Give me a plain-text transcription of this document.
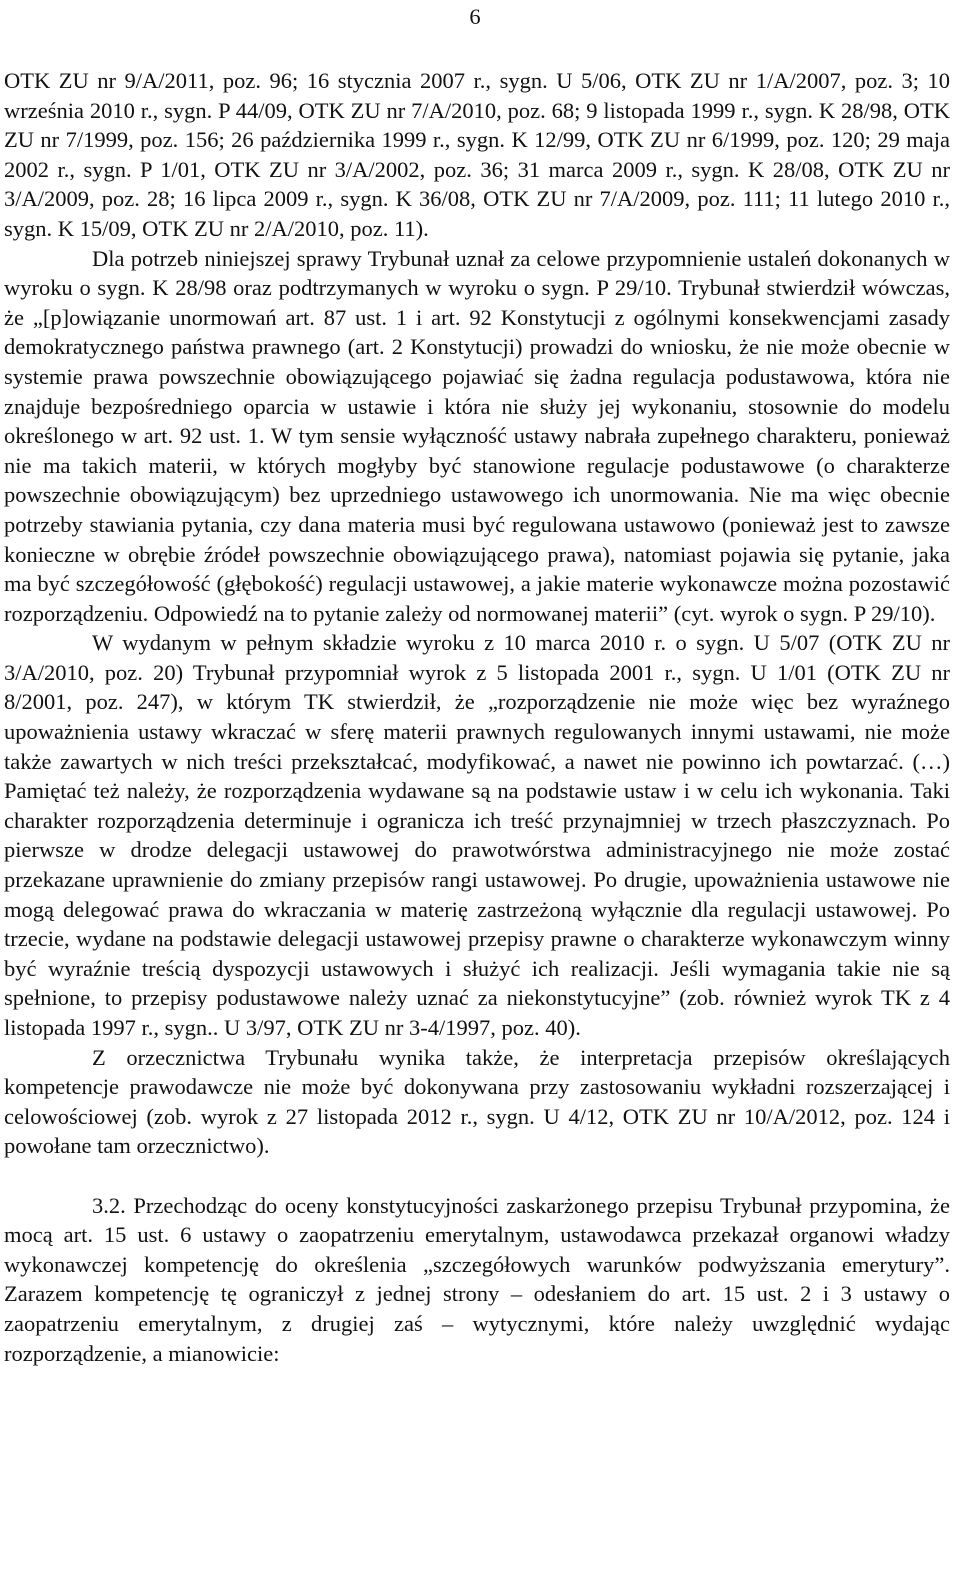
6

OTK ZU nr 9/A/2011, poz. 96; 16 stycznia 2007 r., sygn. U 5/06, OTK ZU nr 1/A/2007, poz. 3; 10 września 2010 r., sygn. P 44/09, OTK ZU nr 7/A/2010, poz. 68; 9 listopada 1999 r., sygn. K 28/98, OTK ZU nr 7/1999, poz. 156; 26 października 1999 r., sygn. K 12/99, OTK ZU nr 6/1999, poz. 120; 29 maja 2002 r., sygn. P 1/01, OTK ZU nr 3/A/2002, poz. 36; 31 marca 2009 r., sygn. K 28/08, OTK ZU nr 3/A/2009, poz. 28; 16 lipca 2009 r., sygn. K 36/08, OTK ZU nr 7/A/2009, poz. 111; 11 lutego 2010 r., sygn. K 15/09, OTK ZU nr 2/A/2010, poz. 11).

Dla potrzeb niniejszej sprawy Trybunał uznał za celowe przypomnienie ustaleń dokonanych w wyroku o sygn. K 28/98 oraz podtrzymanych w wyroku o sygn. P 29/10. Trybunał stwierdził wówczas, że „[p]owiązanie unormowań art. 87 ust. 1 i art. 92 Konstytucji z ogólnymi konsekwencjami zasady demokratycznego państwa prawnego (art. 2 Konstytucji) prowadzi do wniosku, że nie może obecnie w systemie prawa powszechnie obowiązującego pojawiać się żadna regulacja podustawowa, która nie znajduje bezpośredniego oparcia w ustawie i która nie służy jej wykonaniu, stosownie do modelu określonego w art. 92 ust. 1. W tym sensie wyłączność ustawy nabrała zupełnego charakteru, ponieważ nie ma takich materii, w których mogłyby być stanowione regulacje podustawowe (o charakterze powszechnie obowiązującym) bez uprzedniego ustawowego ich unormowania. Nie ma więc obecnie potrzeby stawiania pytania, czy dana materia musi być regulowana ustawowo (ponieważ jest to zawsze konieczne w obrębie źródeł powszechnie obowiązującego prawa), natomiast pojawia się pytanie, jaka ma być szczegółowość (głębokość) regulacji ustawowej, a jakie materie wykonawcze można pozostawić rozporządzeniu. Odpowiedź na to pytanie zależy od normowanej materii” (cyt. wyrok o sygn. P 29/10).

W wydanym w pełnym składzie wyroku z 10 marca 2010 r. o sygn. U 5/07 (OTK ZU nr 3/A/2010, poz. 20) Trybunał przypomniał wyrok z 5 listopada 2001 r., sygn. U 1/01 (OTK ZU nr 8/2001, poz. 247), w którym TK stwierdził, że „rozporządzenie nie może więc bez wyraźnego upoważnienia ustawy wkraczać w sferę materii prawnych regulowanych innymi ustawami, nie może także zawartych w nich treści przekształcać, modyfikować, a nawet nie powinno ich powtarzać. (…) Pamiętać też należy, że rozporządzenia wydawane są na podstawie ustaw i w celu ich wykonania. Taki charakter rozporządzenia determinuje i ogranicza ich treść przynajmniej w trzech płaszczyznach. Po pierwsze w drodze delegacji ustawowej do prawotwórstwa administracyjnego nie może zostać przekazane uprawnienie do zmiany przepisów rangi ustawowej. Po drugie, upoważnienia ustawowe nie mogą delegować prawa do wkraczania w materię zastrzeżoną wyłącznie dla regulacji ustawowej. Po trzecie, wydane na podstawie delegacji ustawowej przepisy prawne o charakterze wykonawczym winny być wyraźnie treścią dyspozycji ustawowych i służyć ich realizacji. Jeśli wymagania takie nie są spełnione, to przepisy podustawowe należy uznać za niekonstytucyjne” (zob. również wyrok TK z 4 listopada 1997 r., sygn.. U 3/97, OTK ZU nr 3-4/1997, poz. 40).

Z orzecznictwa Trybunału wynika także, że interpretacja przepisów określających kompetencje prawodawcze nie może być dokonywana przy zastosowaniu wykładni rozszerzającej i celowościowej (zob. wyrok z 27 listopada 2012 r., sygn. U 4/12, OTK ZU nr 10/A/2012, poz. 124 i powołane tam orzecznictwo).

3.2. Przechodząc do oceny konstytucyjności zaskarżonego przepisu Trybunał przypomina, że mocą art. 15 ust. 6 ustawy o zaopatrzeniu emerytalnym, ustawodawca przekazał organowi władzy wykonawczej kompetencję do określenia „szczegółowych warunków podwyższania emerytury”. Zarazem kompetencję tę ograniczył z jednej strony – odesłaniem do art. 15 ust. 2 i 3 ustawy o zaopatrzeniu emerytalnym, z drugiej zaś – wytycznymi, które należy uwzględnić wydając rozporządzenie, a mianowicie:
